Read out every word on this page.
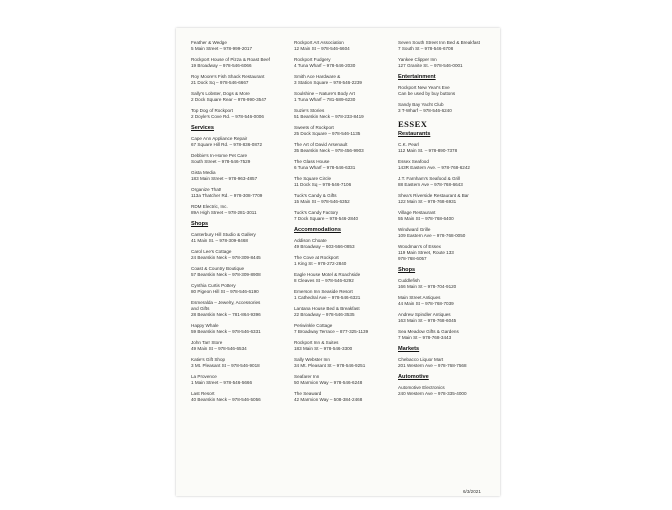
Feather & Wedge
5 Main Street – 978-999-2017
Rockport House of Pizza & Roast Beef
19 Broadway – 978-546-6066
Roy Moore's Fish Shack Restaurant
21 Dock Sq – 978-546-6667
Sally's Lobster, Dogs & More
2 Dock Square Rear – 978-990-3547
Top Dog of Rockport
2 Doyle's Cove Rd. – 978-546-0006
Services
Cape Ann Appliance Repair
67 Square Hill Rd. – 978-836-0872
Debbie's In-Home Pet Care
South Street – 978-546-7529
Gista Media
183 Main Street – 978-963-4857
Organize That!
113a Thatcher Rd. – 978-308-7709
RDM Electric, Inc.
89A High Street – 978-281-3011
Shops
Canterbury Hill Studio & Gallery
41 Main St. – 978-309-8468
Carol Lee's Cottage
24 Bearskin Neck – 978-309-8445
Coast & Country Boutique
57 Bearskin Neck – 978-309-8908
Cynthia Curtis Pottery
80 Pigeon Hill St – 978-546-6190
Esmeralda – Jewelry, Accessories
and Gifts
28 Bearskin Neck – 781-864-9396
Happy Whale
59 Bearskin Neck – 978-546-6331
John Tarr Store
49 Main St – 978-546-6534
Katie's Gift Shop
3 Mt. Pleasant St – 978-546-9018
La Provence
1 Main Street – 978-546-5666
Last Resort
40 Bearskin Neck – 978-546-5056
Rockport Art Association
12 Main St – 978-546-6604
Rockport Fudgery
4 Tuna Wharf – 978-546-2030
Smith Ace Hardware &
3 Station Square – 978-546-2239
Soulshine – Nature's Body Art
1 Tuna Wharf – 781-589-6230
Suzie's Stories
51 Bearskin Neck – 978-233-8419
Sweets of Rockport
25 Dock Square – 978-546-1135
The Art of David Arsenault
35 Bearskin Neck – 978-456-9903
The Glass House
6 Tuna Wharf – 978-546-6331
The Square Circle
11 Dock Sq – 978-546-7106
Tuck's Candy & Gifts
15 Main St – 978-546-6352
Tuck's Candy Factory
7 Dock Square – 978-546-2840
Accommodations
Addison Choate
49 Broadway – 603-566-0853
The Cove at Rockport
1 King St – 978-272-2840
Eagle House Motel & Roachside
8 Cleaves St – 978-546-6292
Emerson Inn Seaside Resort
1 Cathedral Ave – 978-546-6321
Lantana House Bed & Breakfast
22 Broadway – 978-546-3535
Periwinkle Cottage
7 Broadway Terrace – 877-325-1139
Rockport Inn & Suites
183 Main St – 978-546-3300
Sally Webster Inn
34 Mt. Pleasant St – 978-546-9251
Seafarer Inn
50 Marmion Way – 978-546-6248
The Seaward
42 Marmion Way – 508-384-2468
Seven South Street Inn Bed & Breakfast
7 South St – 978-546-6708
Yankee Clipper Inn
127 Granite St. – 978-546-0001
Entertainment
Rockport New Year's Eve
Can be used by buy buttons
Sandy Bay Yacht Club
3 T-Wharf – 978-546-6240
ESSEX
Restaurants
C.K. Pearl
112 Main St. – 978-890-7378
Essex Seafood
143R Eastern Ave. – 978-768-6242
J.T. Farnham's Seafood & Grill
88 Eastern Ave – 978-768-6643
Shea's Riverside Restaurant & Bar
122 Main St – 978-768-6931
Village Restaurant
55 Main St – 978-768-6400
Windward Grille
109 Eastern Ave – 978-768-0050
Woodman's of Essex
119 Main Street, Route 133
978-768-6057
Shops
Cuddlefish
166 Main St – 978-704-9120
Main Street Antiques
44 Main St – 978-768-7039
Andrew Spindler Antiques
163 Main St – 978-768-6045
Sea Meadow Gifts & Gardens
7 Main St – 978-768-3443
Markets
Chebacco Liquor Mart
201 Western Ave – 978-768-7568
Automotive
Automotive Electronics
240 Western Ave – 978-335-4000
6/3/2021
